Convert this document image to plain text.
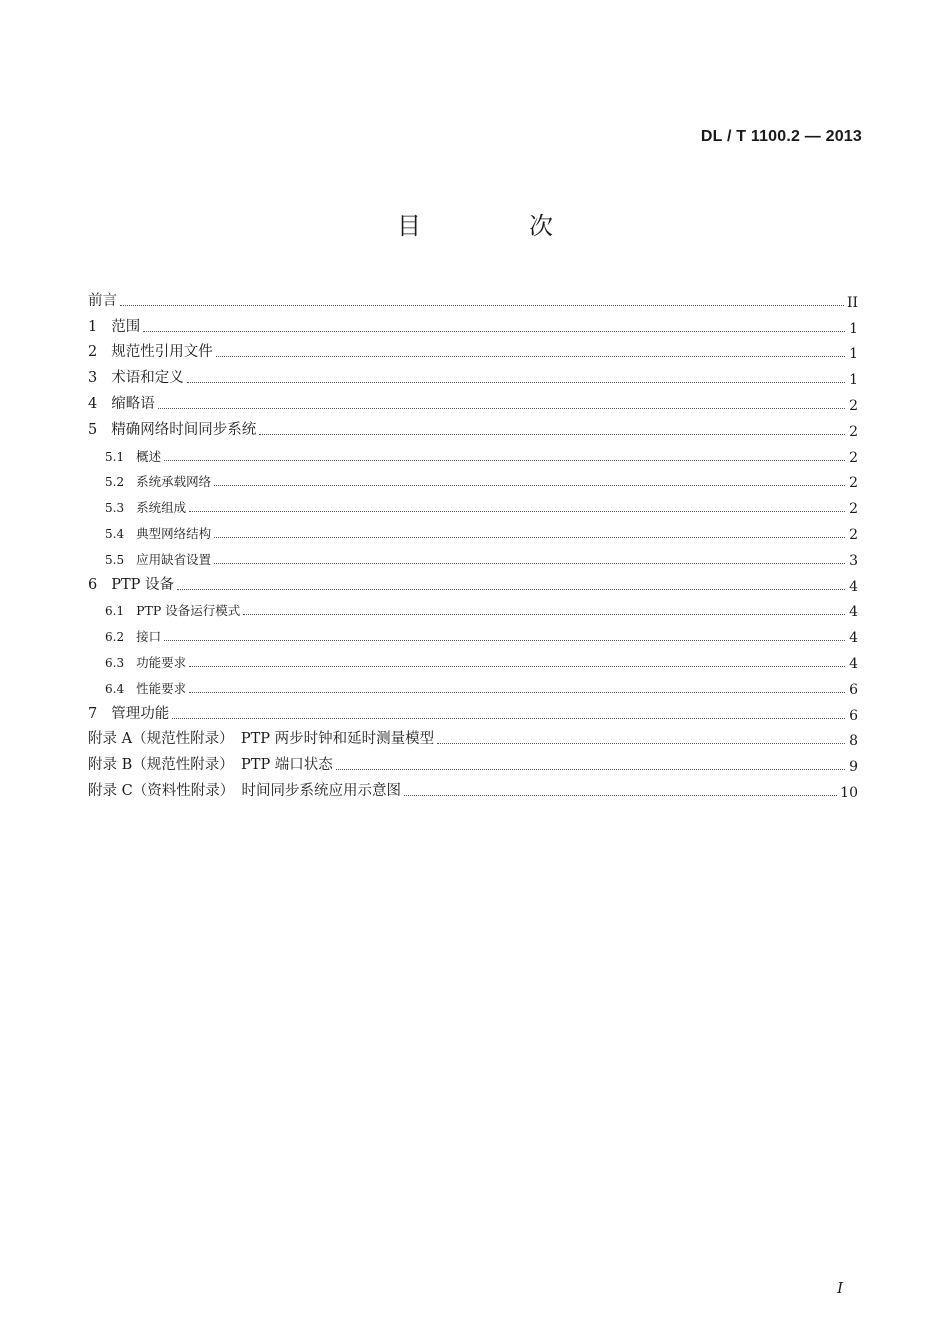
DL / T 1100.2 — 2013
目　次
前言	II
1 范围	1
2 规范性引用文件	1
3 术语和定义	1
4 缩略语	2
5 精确网络时间同步系统	2
5.1 概述	2
5.2 系统承载网络	2
5.3 系统组成	2
5.4 典型网络结构	2
5.5 应用缺省设置	3
6 PTP 设备	4
6.1 PTP 设备运行模式	4
6.2 接口	4
6.3 功能要求	4
6.4 性能要求	6
7 管理功能	6
附录 A（规范性附录）　PTP 两步时钟和延时测量模型	8
附录 B（规范性附录）　PTP 端口状态	9
附录 C（资料性附录）　时间同步系统应用示意图	10
I
